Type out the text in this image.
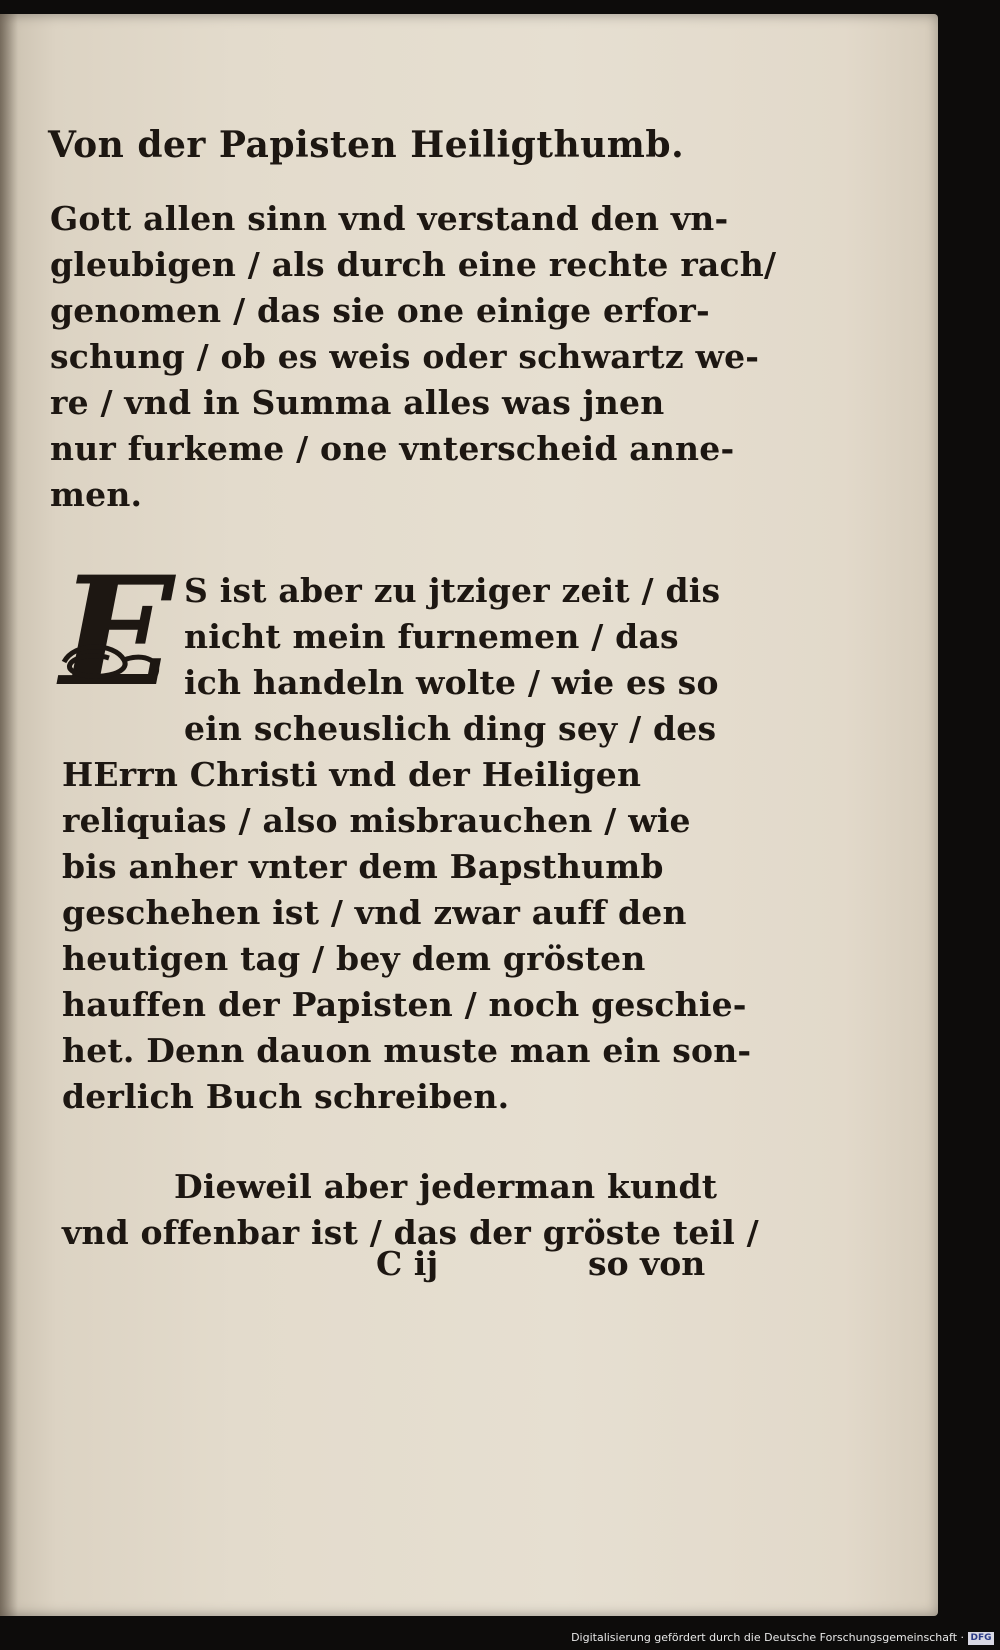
Von der Papisten Heiligthumb.
Gott allen sinn vnd verstand den vn-
gleubigen / als durch eine rechte rach/
genomen / das sie one einige erfor-
schung / ob es weis oder schwartz we-
re / vnd in Summa alles was jnen
nur furkeme / one vnterscheid anne-
men.
E S ist aber zu jtziger zeit / dis
nicht mein furnemen / das
ich handeln wolte / wie es so
ein scheuslich ding sey / des
HErrn Christi vnd der Heiligen
reliquias / also misbrauchen / wie
bis anher vnter dem Bapsthumb
geschehen ist / vnd zwar auff den
heutigen tag / bey dem grösten
hauffen der Papisten / noch geschie-
het. Denn dauon muste man ein son-
derlich Buch schreiben.
Dieweil aber jederman kundt
vnd offenbar ist / das der gröste teil /
C ij	so von
Digitalisierung gefördert durch die Deutsche Forschungsgemeinschaft · DFG
